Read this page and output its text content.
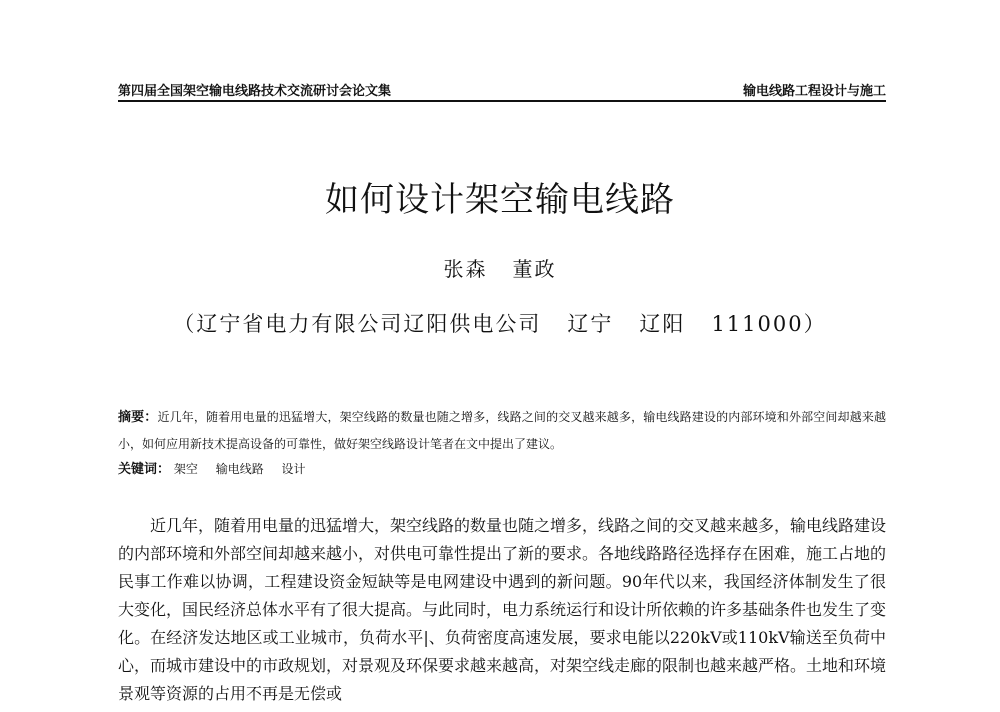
第四届全国架空输电线路技术交流研讨会论文集	输电线路工程设计与施工
如何设计架空输电线路
张森   董政
（辽宁省电力有限公司辽阳供电公司   辽宁   辽阳   111000）
摘要：近几年，随着用电量的迅猛增大，架空线路的数量也随之增多，线路之间的交叉越来越多，输电线路建设的内部环境和外部空间却越来越小，如何应用新技术提高设备的可靠性，做好架空线路设计笔者在文中提出了建议。
关键词： 架空 输电线路 设计
近几年，随着用电量的迅猛增大，架空线路的数量也随之增多，线路之间的交叉越来越多，输电线路建设的内部环境和外部空间却越来越小，对供电可靠性提出了新的要求。各地线路路径选择存在困难，施工占地的民事工作难以协调，工程建设资金短缺等是电网建设中遇到的新问题。90年代以来，我国经济体制发生了很大变化，国民经济总体水平有了很大提高。与此同时，电力系统运行和设计所依赖的许多基础条件也发生了变化。在经济发达地区或工业城市，负荷水平|、负荷密度高速发展，要求电能以220kV或110kV输送至负荷中心，而城市建设中的市政规划，对景观及环保要求越来越高，对架空线走廊的限制也越来越严格。土地和环境景观等资源的占用不再是无偿或
